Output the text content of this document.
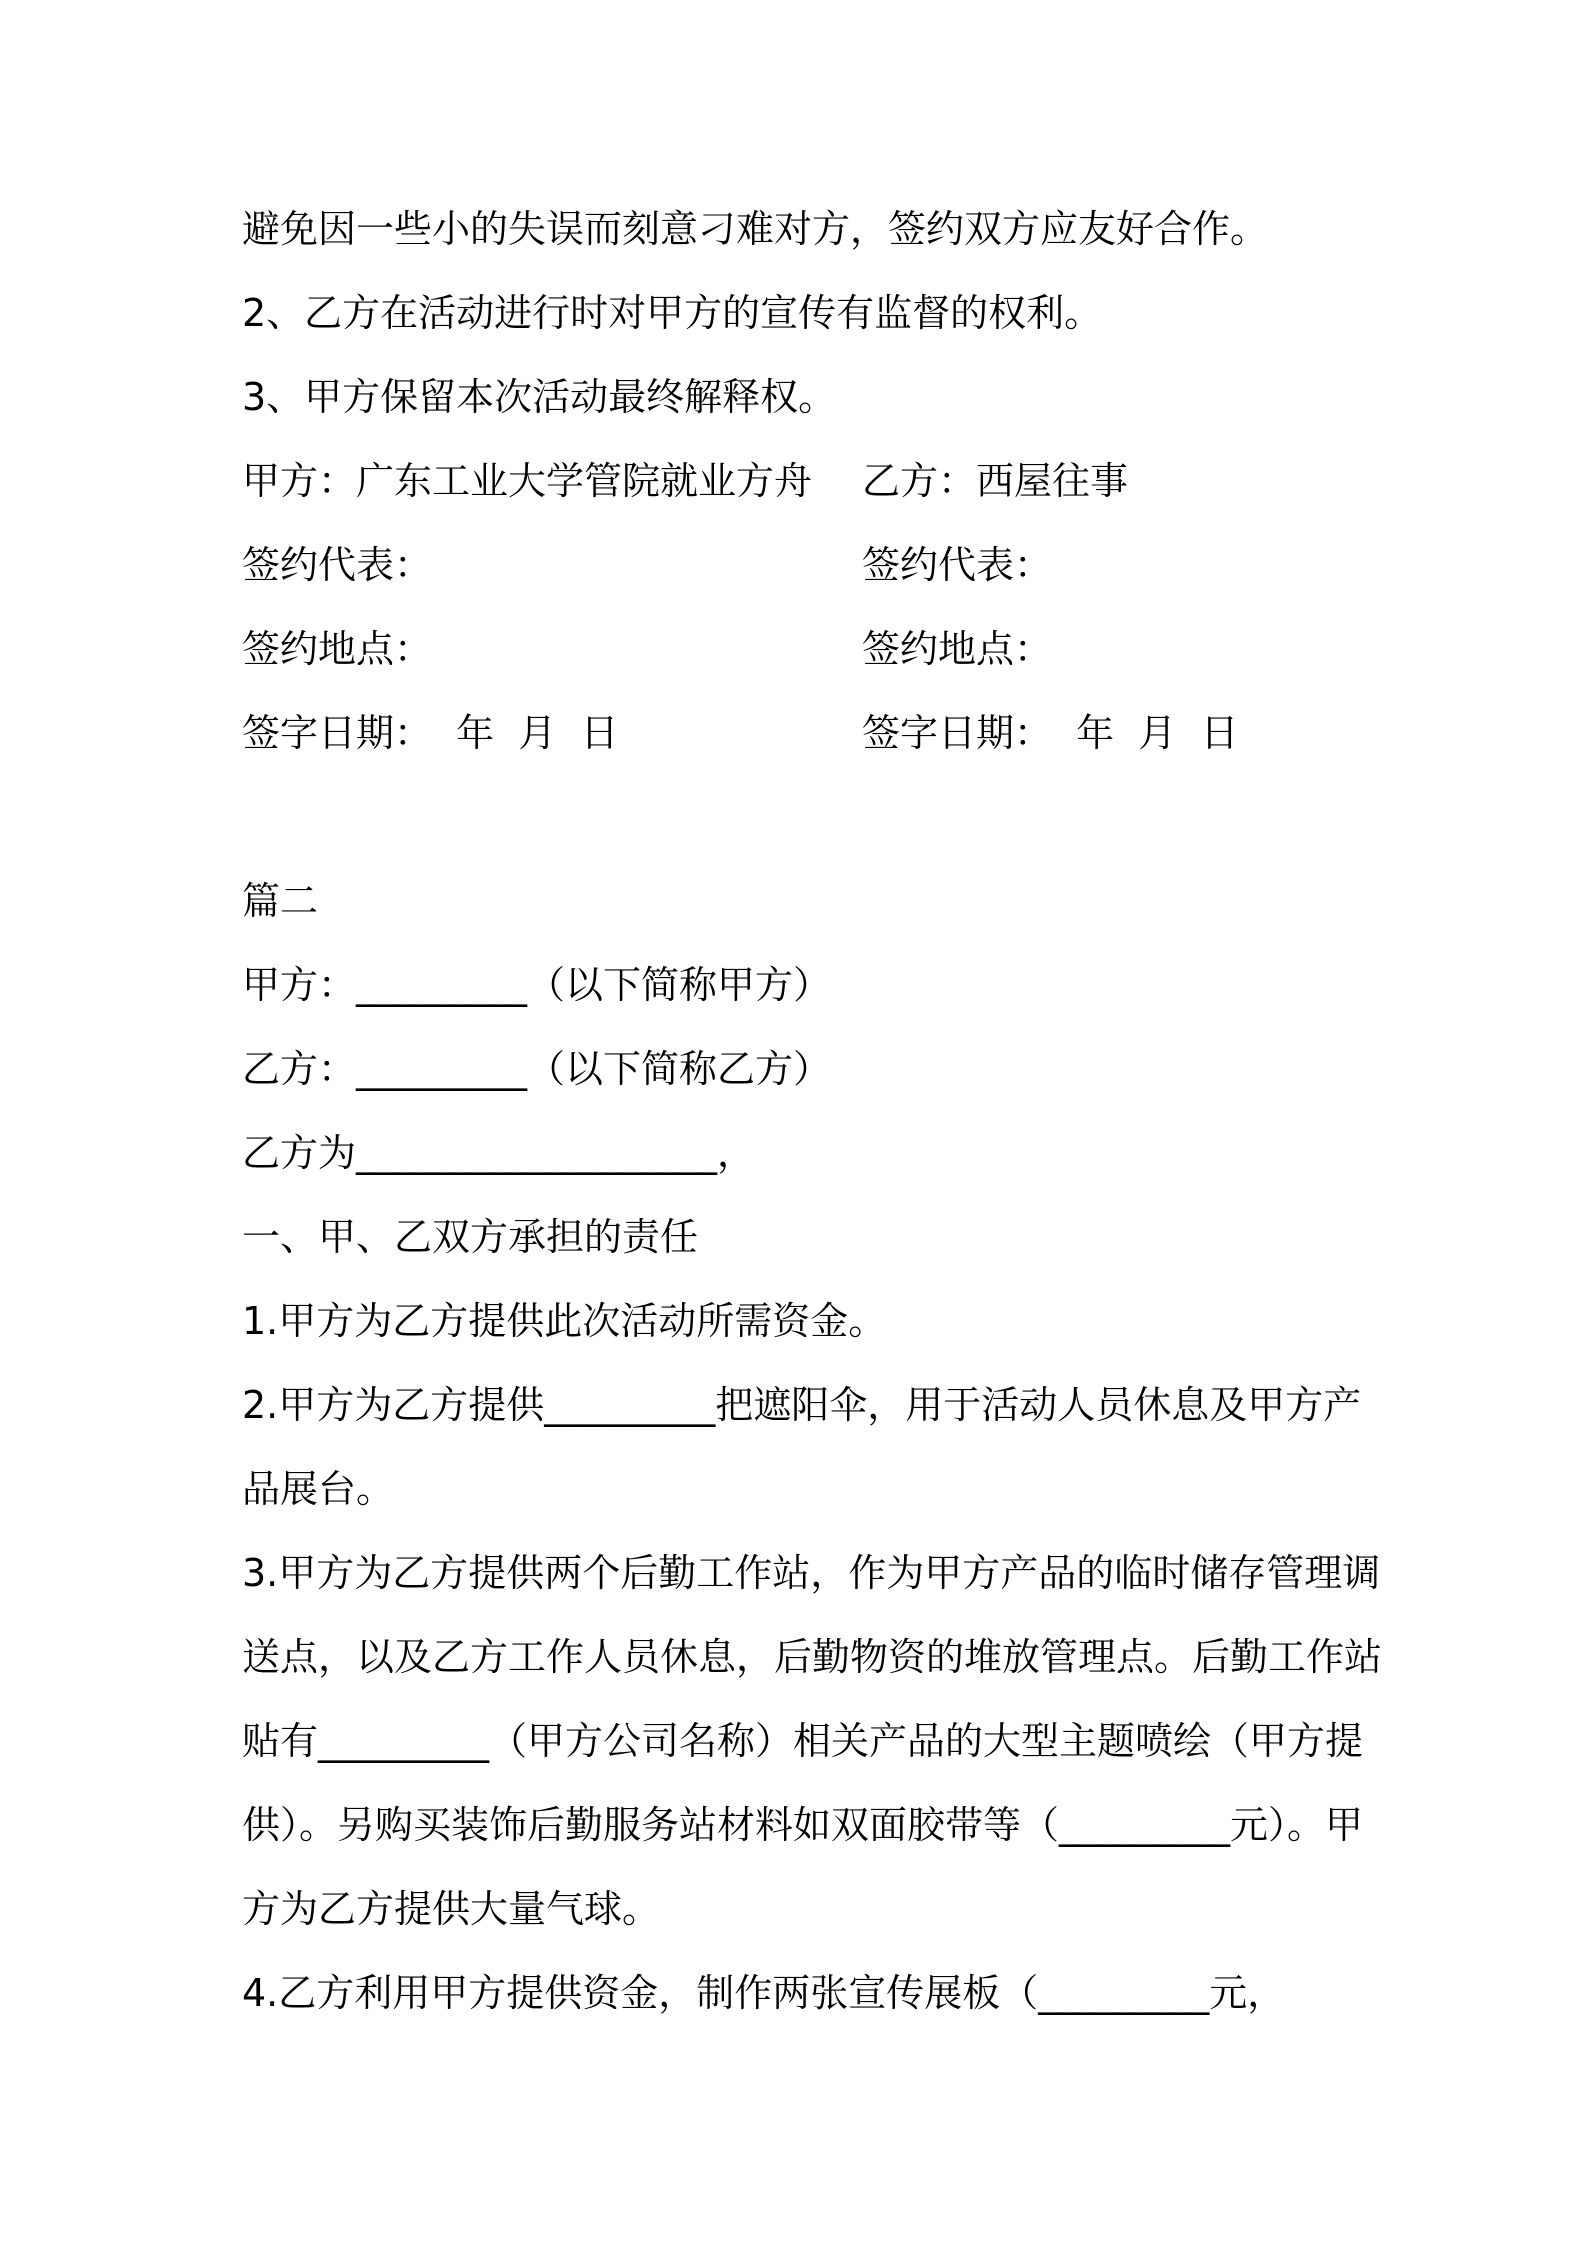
避免因一些小的失误而刻意刁难对方，签约双方应友好合作。
2、乙方在活动进行时对甲方的宣传有监督的权利。
3、甲方保留本次活动最终解释权。
甲方：广东工业大学管院就业方舟 乙方：西屋往事
签约代表：	签约代表：
签约地点：	签约地点：
签字日期：  年  月  日	签字日期：  年  月  日
篇二
甲方：_________（以下简称甲方）
乙方：_________（以下简称乙方）
乙方为___________________，
一、甲、乙双方承担的责任
1.甲方为乙方提供此次活动所需资金。
2.甲方为乙方提供_________把遮阳伞，用于活动人员休息及甲方产
品展台。
3.甲方为乙方提供两个后勤工作站，作为甲方产品的临时储存管理调
送点，以及乙方工作人员休息，后勤物资的堆放管理点。后勤工作站
贴有_________（甲方公司名称）相关产品的大型主题喷绘（甲方提
供）。另购买装饰后勤服务站材料如双面胶带等（_________元）。甲
方为乙方提供大量气球。
4.乙方利用甲方提供资金，制作两张宣传展板（_________元，
